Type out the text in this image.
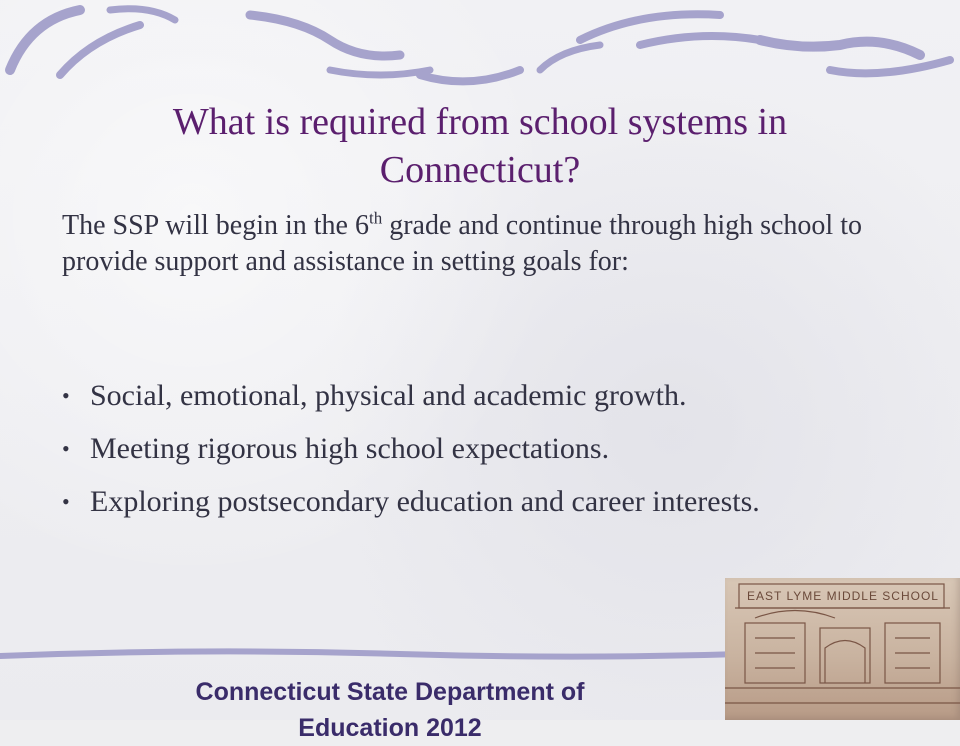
What is required from school systems in Connecticut?
The SSP will begin in the 6th grade and continue through high school to provide support and assistance in setting goals for:
• Social, emotional, physical and academic growth.
• Meeting rigorous high school expectations.
• Exploring postsecondary education and career interests.
EAST LYME MIDDLE SCHOOL
Connecticut State Department of
Education 2012
